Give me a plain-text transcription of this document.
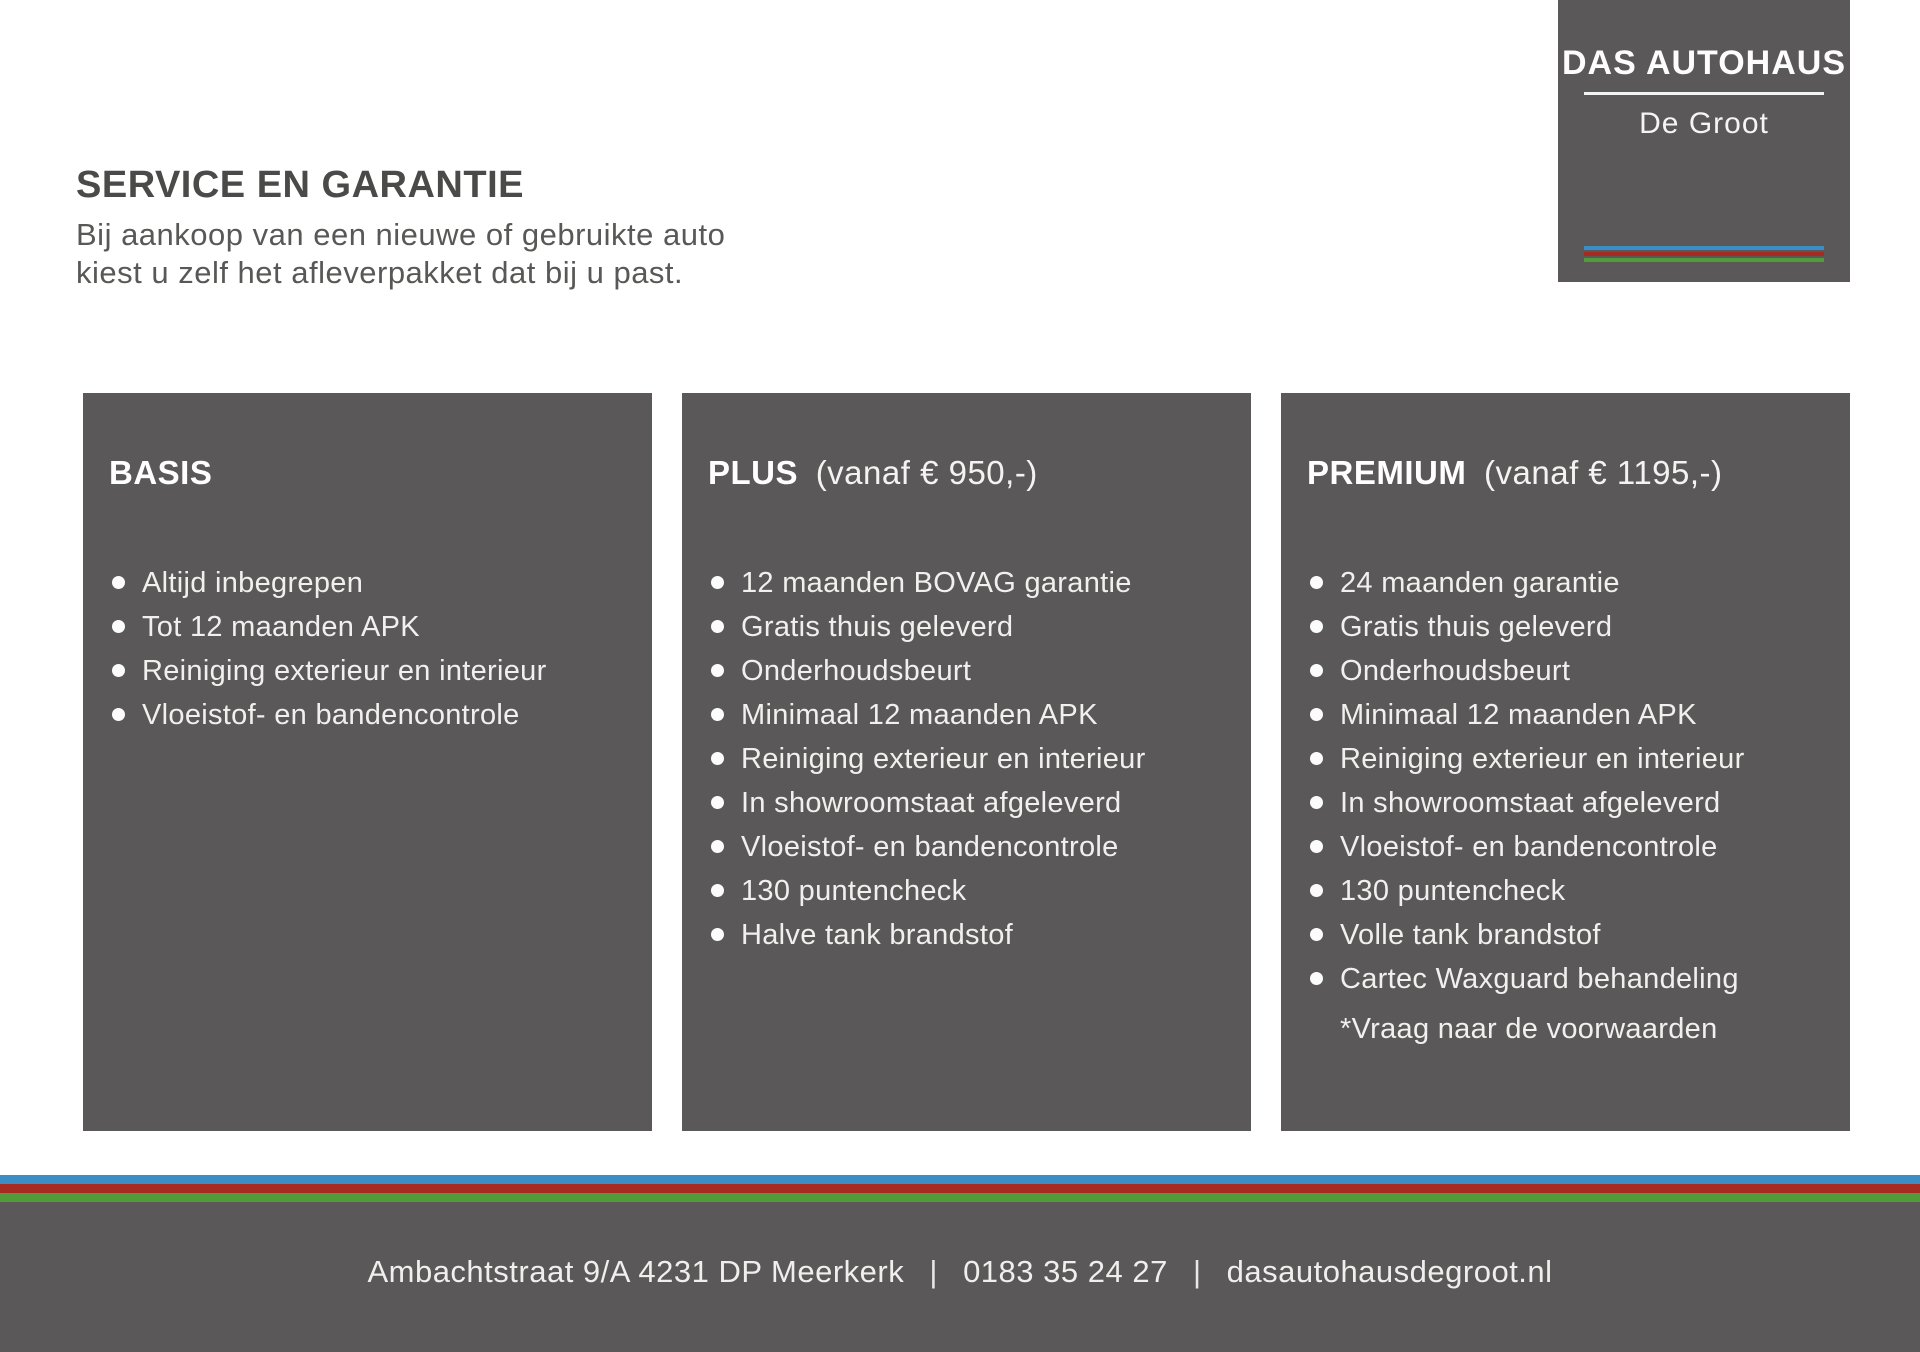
SERVICE EN GARANTIE

Bij aankoop van een nieuwe of gebruikte auto

kiest u zelf het afleverpakket dat bij u past.

DAS AUTOHAUS
De Groot
BASIS
Altijd inbegrepen
Tot 12 maanden APK
Reiniging exterieur en interieur
Vloeistof- en bandencontrole
PLUS (vanaf € 950,-)
12 maanden BOVAG garantie
Gratis thuis geleverd
Onderhoudsbeurt
Minimaal 12 maanden APK
Reiniging exterieur en interieur
In showroomstaat afgeleverd
Vloeistof- en bandencontrole
130 puntencheck
Halve tank brandstof
PREMIUM (vanaf € 1195,-)
24 maanden garantie
Gratis thuis geleverd
Onderhoudsbeurt
Minimaal 12 maanden APK
Reiniging exterieur en interieur
In showroomstaat afgeleverd
Vloeistof- en bandencontrole
130 puntencheck
Volle tank brandstof
Cartec Waxguard behandeling
*Vraag naar de voorwaarden

Ambachtstraat 9/A 4231 DP Meerkerk | 0183 35 24 27 | dasautohausdegroot.nl
